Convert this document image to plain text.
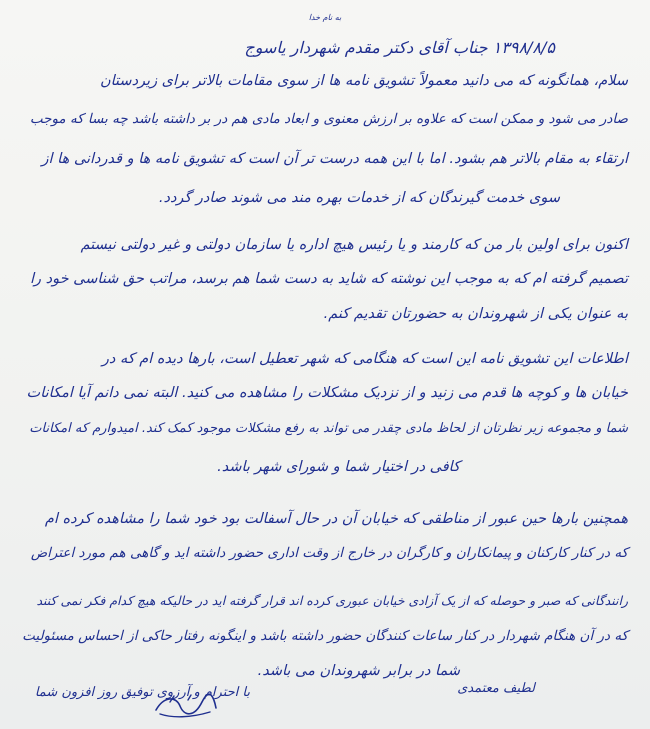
به نام خدا
۱۳۹۸/۸/۵ جناب آقای دکتر مقدم شهردار یاسوج
سلام، همانگونه که می دانید معمولاً تشویق نامه ها از سوی مقامات بالاتر برای زیردستان
صادر می شود و ممکن است که علاوه بر ارزش معنوی و ابعاد مادی هم در بر داشته باشد چه بسا که موجب
ارتقاء به مقام بالاتر هم بشود. اما با این همه درست تر آن است که تشویق نامه ها و قدردانی ها از
سوی خدمت گیرندگان که از خدمات بهره مند می شوند صادر گردد.
اکنون برای اولین بار من که کارمند و یا رئیس هیچ اداره یا سازمان دولتی و غیر دولتی نیستم
تصمیم گرفته ام که به موجب این نوشته که شاید به دست شما هم برسد، مراتب حق شناسی خود را
به عنوان یکی از شهروندان به حضورتان تقدیم کنم.
اطلاعات این تشویق نامه این است که هنگامی که شهر تعطیل است، بارها دیده ام که در
خیابان ها و کوچه ها قدم می زنید و از نزدیک مشکلات را مشاهده می کنید. البته نمی دانم آیا امکانات
شما و مجموعه زیر نظرتان از لحاظ مادی چقدر می تواند به رفع مشکلات موجود کمک کند. امیدوارم که امکانات
کافی در اختیار شما و شورای شهر باشد.
همچنین بارها حین عبور از مناطقی که خیابان آن در حال آسفالت بود خود شما را مشاهده کرده ام
که در کنار کارکنان و پیمانکاران و کارگران در خارج از وقت اداری حضور داشته اید و گاهی هم مورد اعتراض
رانندگانی که صبر و حوصله که از یک آزادی خیابان عبوری کرده اند قرار گرفته اید در حالیکه هیچ کدام فکر نمی کنند
که در آن هنگام شهردار در کنار ساعات کنندگان حضور داشته باشد و اینگونه رفتار حاکی از احساس مسئولیت
شما در برابر شهروندان می باشد.
با احترام و آرزوی توفیق روز افزون شما	لطیف معتمدی
